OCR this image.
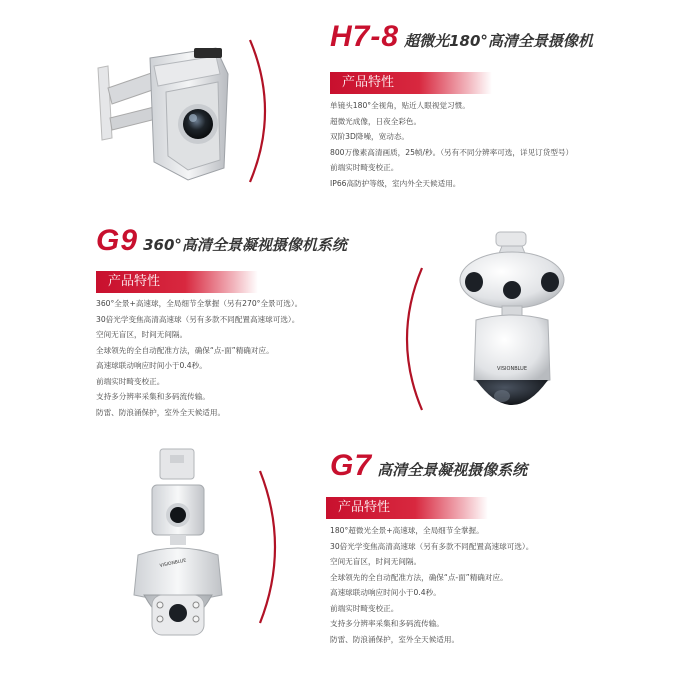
H7-8 超微光180°高清全景摄像机
产品特性
单镜头180°全视角，贴近人眼视觉习惯。
超微光成像，日夜全彩色。
双阶3D降噪，宽动态。
800万像素高清画质，25帧/秒。（另有不同分辨率可选，详见订货型号）
前端实时畸变校正。
IP66高防护等级，室内外全天候适用。
G9 360°高清全景凝视摄像机系统
产品特性
360°全景+高速球，全局细节全掌握（另有270°全景可选）。
30倍光学变焦高清高速球（另有多款不同配置高速球可选）。
空间无盲区，时间无间隔。
全球领先的全自动配准方法，确保“点-面”精确对应。
高速球联动响应时间小于0.4秒。
前端实时畸变校正。
支持多分辨率采集和多码流传输。
防雷、防浪涌保护，室外全天候适用。
VISIONBLUE
VISIONBLUE
G7 高清全景凝视摄像系统
产品特性
180°超微光全景+高速球，全局细节全掌握。
30倍光学变焦高清高速球（另有多款不同配置高速球可选）。
空间无盲区，时间无间隔。
全球领先的全自动配准方法，确保“点-面”精确对应。
高速球联动响应时间小于0.4秒。
前端实时畸变校正。
支持多分辨率采集和多码流传输。
防雷、防浪涌保护，室外全天候适用。
